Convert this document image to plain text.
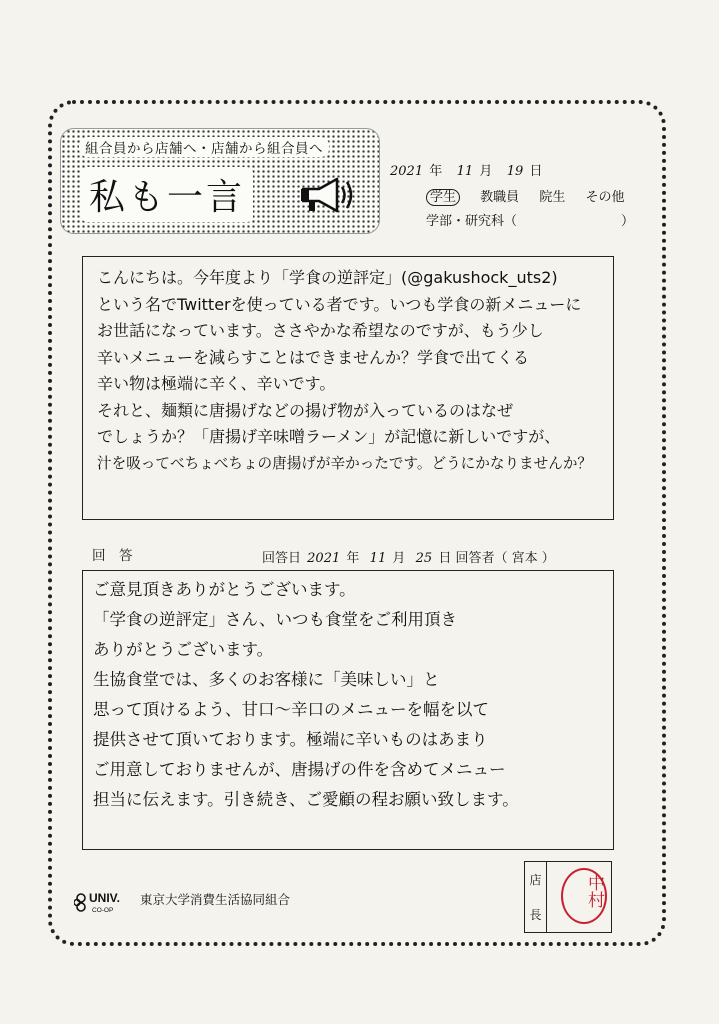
組合員から店舗へ・店舗から組合員へ
私も一言
2021 年 11 月 19 日
学生 教職員 院生 その他
学部・研究科（　　　　　　　　）
こんにちは。今年度より「学食の逆評定」(@gakushock_uts2)
という名でTwitterを使っている者です。いつも学食の新メニューに
お世話になっています。ささやかな希望なのですが、もう少し
辛いメニューを減らすことはできませんか？学食で出てくる
辛い物は極端に辛く、辛いです。
それと、麺類に唐揚げなどの揚げ物が入っているのはなぜ
でしょうか？「唐揚げ辛味噌ラーメン」が記憶に新しいですが、
汁を吸ってべちょべちょの唐揚げが辛かったです。どうにかなりませんか？
回　答	回答日 2021 年 11 月 25 日 回答者（ 宮本 ）
ご意見頂きありがとうございます。
「学食の逆評定」さん、いつも食堂をご利用頂き
ありがとうございます。
生協食堂では、多くのお客様に「美味しい」と
思って頂けるよう、甘口〜辛口のメニューを幅を以て
提供させて頂いております。極端に辛いものはあまり
ご用意しておりませんが、唐揚げの件を含めてメニュー
担当に伝えます。引き続き、ご愛顧の程お願い致します。
店
長
中村
UNIV.
CO-OP
東京大学消費生活協同組合
